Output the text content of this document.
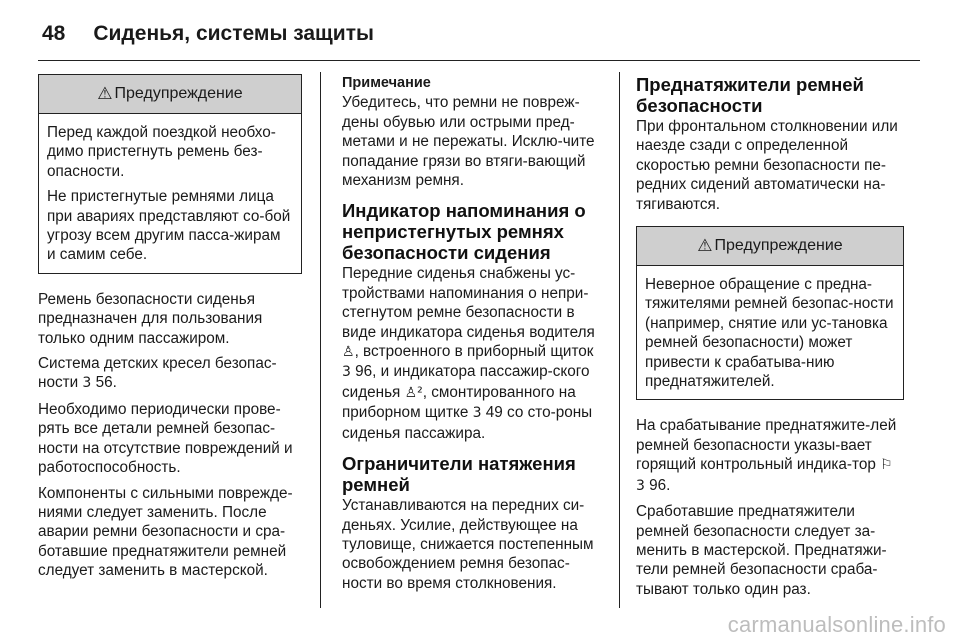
48 Сиденья, системы защиты
⚠ Предупреждение

Перед каждой поездкой необхо-димо пристегнуть ремень без-опасности.

Не пристегнутые ремнями лица при авариях представляют со-бой угрозу всем другим пасса-жирам и самим себе.

Ремень безопасности сиденья предназначен для пользования только одним пассажиром.

Система детских кресел безопас-ности 3 56.

Необходимо периодически прове-рять все детали ремней безопас-ности на отсутствие повреждений и работоспособность.

Компоненты с сильными поврежде-ниями следует заменить. После аварии ремни безопасности и сра-ботавшие преднатяжители ремней следует заменить в мастерской.

Примечание

Убедитесь, что ремни не повреж-дены обувью или острыми пред-метами и не пережаты. Исклю-чите попадание грязи во втяги-вающий механизм ремня.

Индикатор напоминания о непристегнутых ремнях безопасности сидения

Передние сиденья снабжены ус-тройствами напоминания о непри-стегнутом ремне безопасности в виде индикатора сиденья водителя ♙, встроенного в приборный щиток 3 96, и индикатора пассажир-ского сиденья ♙², смонтированного на приборном щитке 3 49 со сто-роны сиденья пассажира.

Ограничители натяжения ремней

Устанавливаются на передних си-деньях. Усилие, действующее на туловище, снижается постепенным освобождением ремня безопас-ности во время столкновения.

Преднатяжители ремней безопасности

При фронтальном столкновении или наезде сзади с определенной скоростью ремни безопасности пе-редних сидений автоматически на-тягиваются.

⚠ Предупреждение

Неверное обращение с предна-тяжителями ремней безопас-ности (например, снятие или ус-тановка ремней безопасности) может привести к срабатыва-нию преднатяжителей.

На срабатывание преднатяжите-лей ремней безопасности указы-вает горящий контрольный индика-тор ⚐ 3 96.

Сработавшие преднатяжители ремней безопасности следует за-менить в мастерской. Преднатяжи-тели ремней безопасности сраба-тывают только один раз.

carmanualsonline.info
